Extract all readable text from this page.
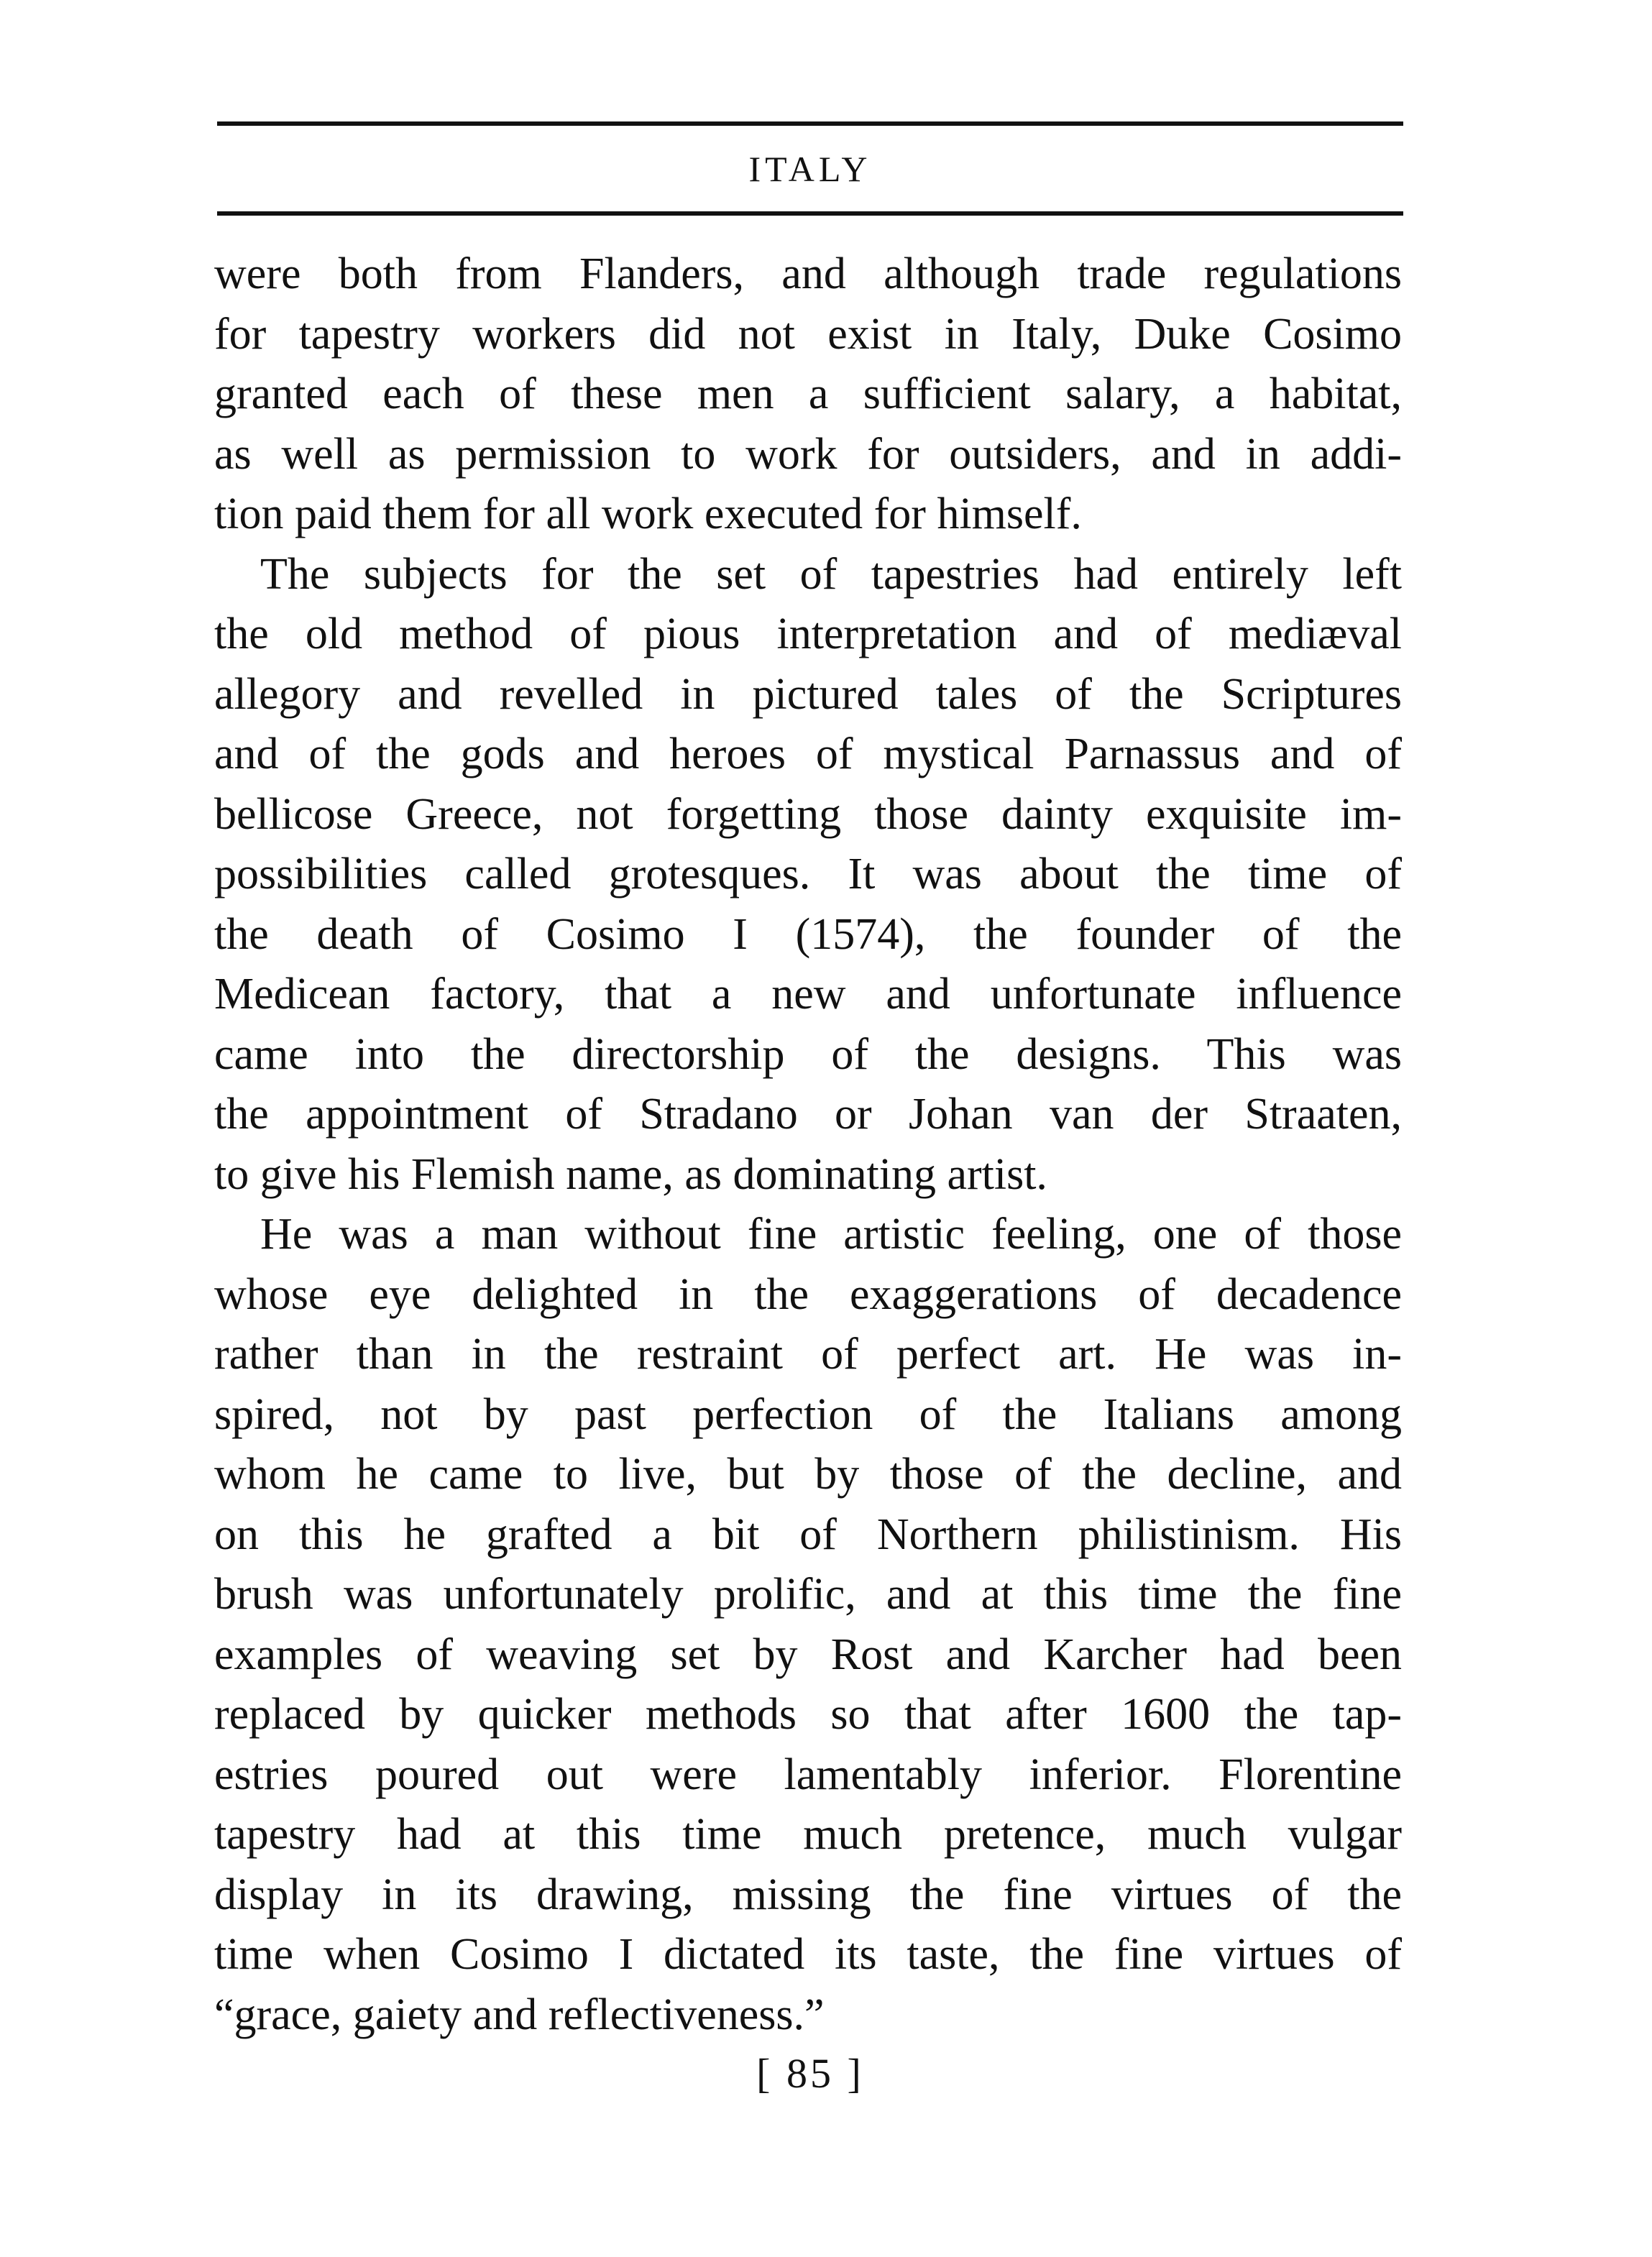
ITALY
were both from Flanders, and although trade regulations
for tapestry workers did not exist in Italy, Duke Cosimo
granted each of these men a sufficient salary, a habitat,
as well as permission to work for outsiders, and in addi-
tion paid them for all work executed for himself.
The subjects for the set of tapestries had entirely left
the old method of pious interpretation and of mediæval
allegory and revelled in pictured tales of the Scriptures
and of the gods and heroes of mystical Parnassus and of
bellicose Greece, not forgetting those dainty exquisite im-
possibilities called grotesques. It was about the time of
the death of Cosimo I (1574), the founder of the
Medicean factory, that a new and unfortunate influence
came into the directorship of the designs. This was
the appointment of Stradano or Johan van der Straaten,
to give his Flemish name, as dominating artist.
He was a man without fine artistic feeling, one of those
whose eye delighted in the exaggerations of decadence
rather than in the restraint of perfect art. He was in-
spired, not by past perfection of the Italians among
whom he came to live, but by those of the decline, and
on this he grafted a bit of Northern philistinism. His
brush was unfortunately prolific, and at this time the fine
examples of weaving set by Rost and Karcher had been
replaced by quicker methods so that after 1600 the tap-
estries poured out were lamentably inferior. Florentine
tapestry had at this time much pretence, much vulgar
display in its drawing, missing the fine virtues of the
time when Cosimo I dictated its taste, the fine virtues of
“grace, gaiety and reflectiveness.”
[ 85 ]
